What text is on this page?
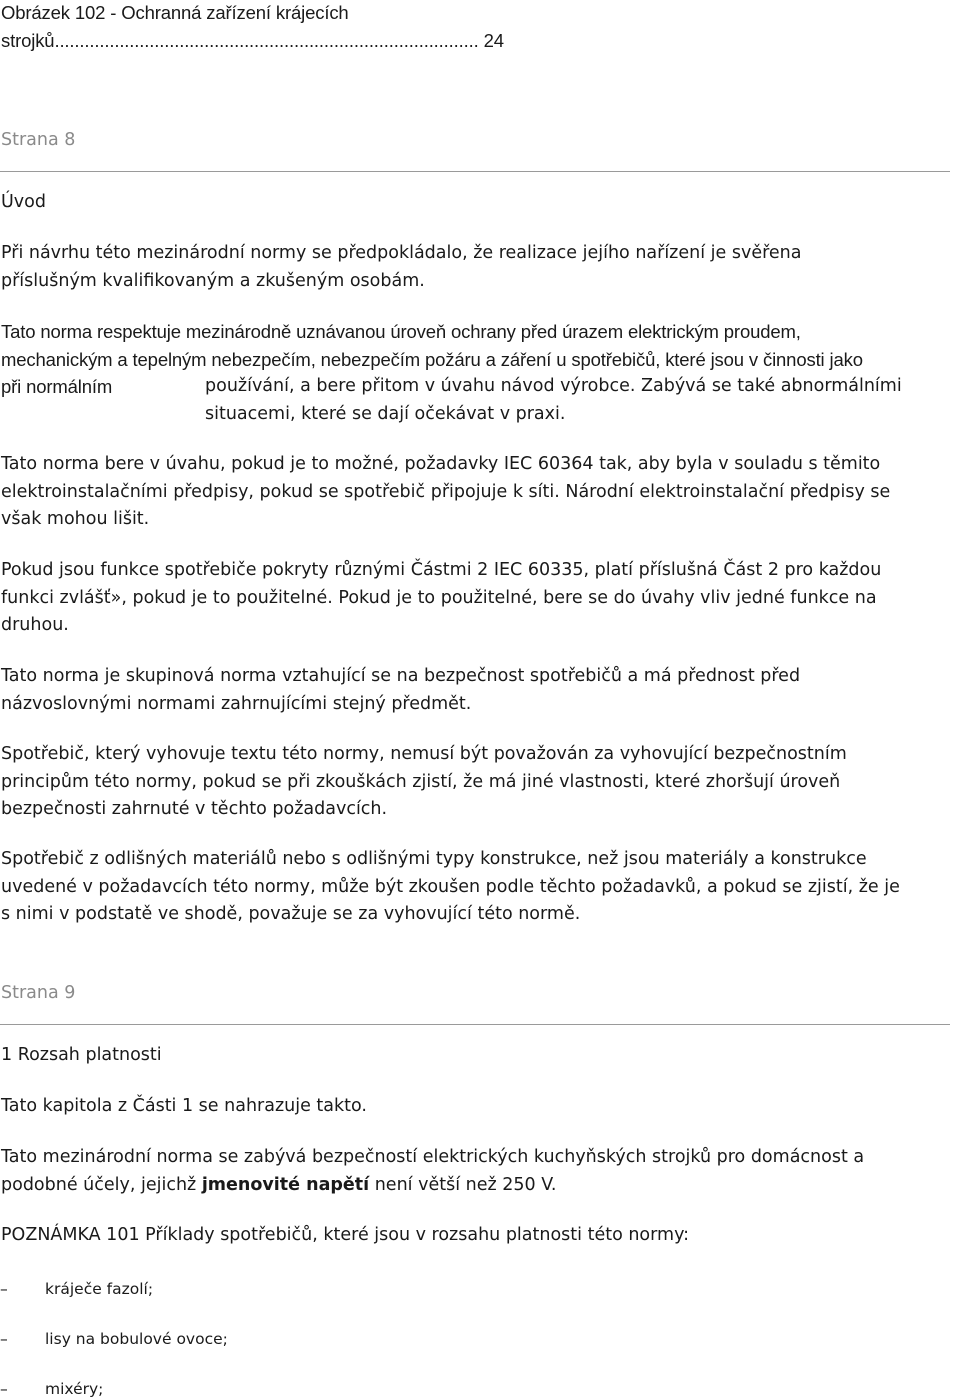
Obrázek 102 - Ochranná zařízení krájecích
strojků..................................................................................... 24
Strana 8
Úvod

Při návrhu této mezinárodní normy se předpokládalo, že realizace jejího nařízení je svěřena
příslušným kvalifikovaným a zkušeným osobám.

Tato norma respektuje mezinárodně uznávanou úroveň ochrany před úrazem elektrickým proudem,
mechanickým a tepelným nebezpečím, nebezpečím požáru a záření u spotřebičů, které jsou v činnosti jako
při normálním	používání, a bere přitom v úvahu návod výrobce. Zabývá se také abnormálními
situacemi, které se dají očekávat v praxi.

Tato norma bere v úvahu, pokud je to možné, požadavky IEC 60364 tak, aby byla v souladu s těmito
elektroinstalačními předpisy, pokud se spotřebič připojuje k síti. Národní elektroinstalační předpisy se
však mohou lišit.

Pokud jsou funkce spotřebiče pokryty různými Částmi 2 IEC 60335, platí příslušná Část 2 pro každou
funkci zvlášť», pokud je to použitelné. Pokud je to použitelné, bere se do úvahy vliv jedné funkce na
druhou.

Tato norma je skupinová norma vztahující se na bezpečnost spotřebičů a má přednost před
názvoslovnými normami zahrnujícími stejný předmět.

Spotřebič, který vyhovuje textu této normy, nemusí být považován za vyhovující bezpečnostním
principům této normy, pokud se při zkouškách zjistí, že má jiné vlastnosti, které zhoršují úroveň
bezpečnosti zahrnuté v těchto požadavcích.

Spotřebič z odlišných materiálů nebo s odlišnými typy konstrukce, než jsou materiály a konstrukce
uvedené v požadavcích této normy, může být zkoušen podle těchto požadavků, a pokud se zjistí, že je
s nimi v podstatě ve shodě, považuje se za vyhovující této normě.

Strana 9
1 Rozsah platnosti

Tato kapitola z Části 1 se nahrazuje takto.

Tato mezinárodní norma se zabývá bezpečností elektrických kuchyňských strojků pro domácnost a
podobné účely, jejichž jmenovité napětí není větší než 250 V.

POZNÁMKA 101 Příklady spotřebičů, které jsou v rozsahu platnosti této normy:

– kráječe fazolí;
– lisy na bobulové ovoce;
– mixéry;
